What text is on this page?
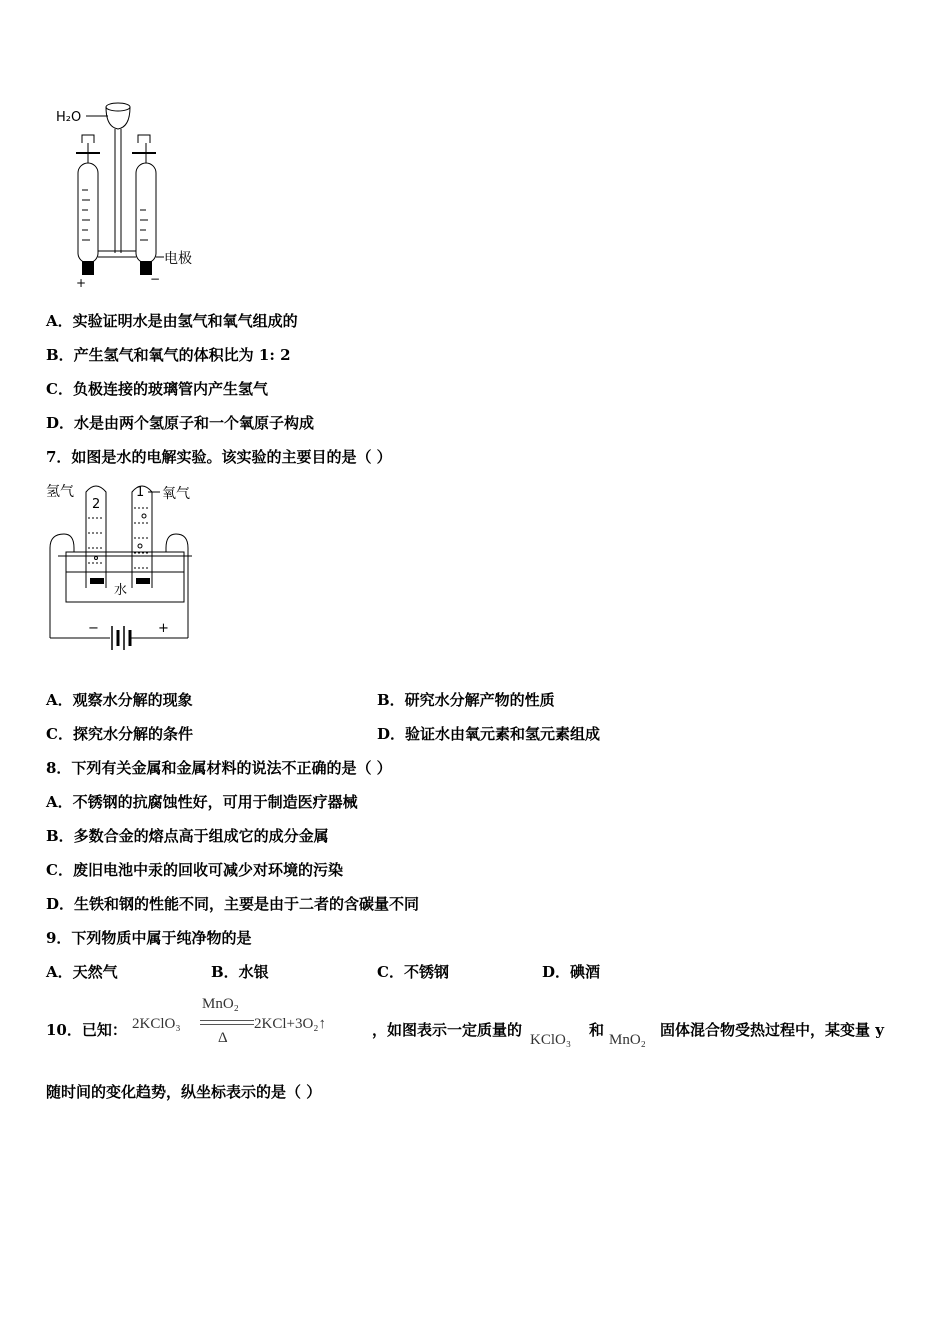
H₂O
电极
+	−
A．实验证明水是由氢气和氧气组成的
B．产生氢气和氧气的体积比为 1: 2
C．负极连接的玻璃管内产生氢气
D．水是由两个氢原子和一个氧原子构成
7．如图是水的电解实验。该实验的主要目的是（ ）
氢气	氧气
2
1
水
−	+
A．观察水分解的现象	B．研究水分解产物的性质
C．探究水分解的条件	D．验证水由氧元素和氢元素组成
8．下列有关金属和金属材料的说法不正确的是（ ）
A．不锈钢的抗腐蚀性好，可用于制造医疗器械
B．多数合金的熔点高于组成它的成分金属
C．废旧电池中汞的回收可减少对环境的污染
D．生铁和钢的性能不同，主要是由于二者的含碳量不同
9．下列物质中属于纯净物的是
A．天然气	B．水银	C．不锈钢	D．碘酒
10．已知： 2KClO₃
MnO₂
Δ
2KCl+3O₂↑	，如图表示一定质量的
KClO₃
和
MnO₂
固体混合物受热过程中，某变量 y
随时间的变化趋势，纵坐标表示的是（ ）
